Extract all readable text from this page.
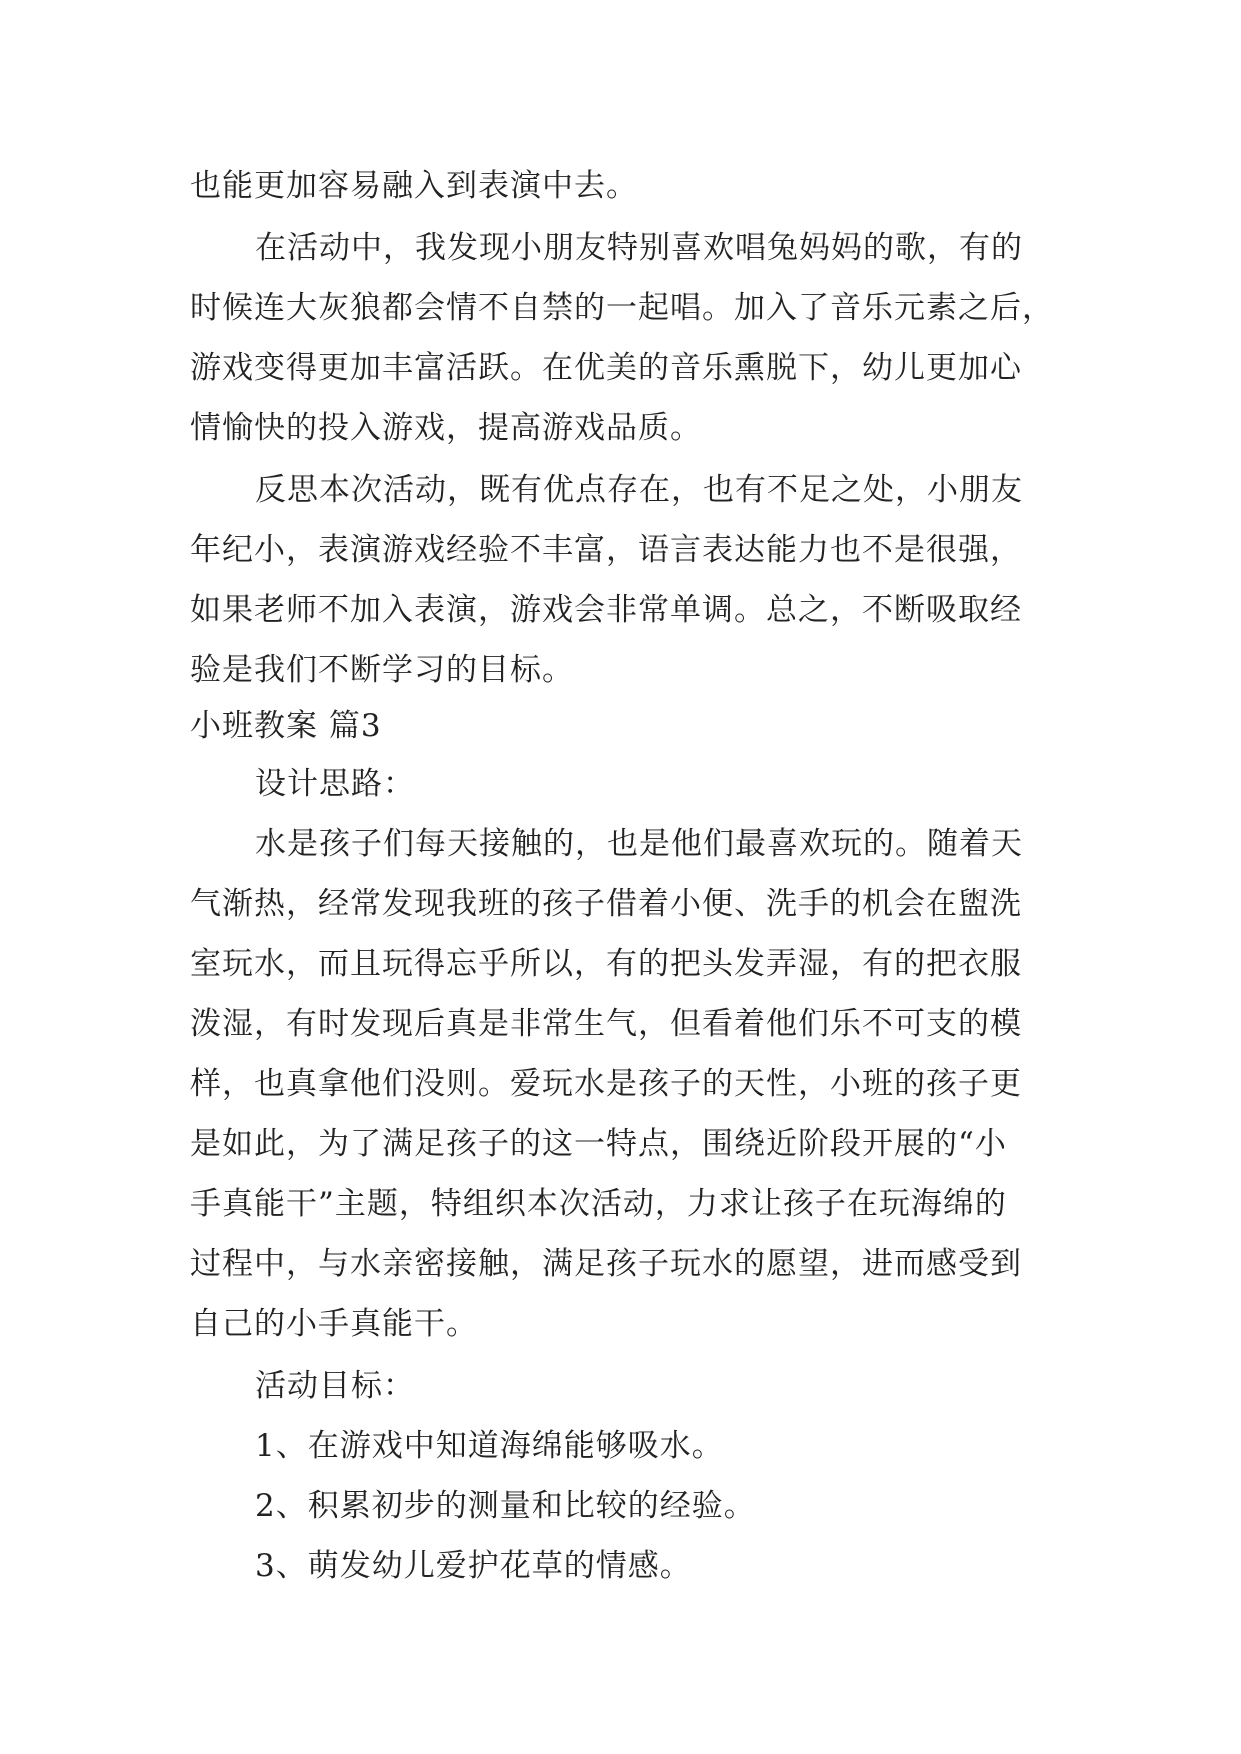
也能更加容易融入到表演中去。
在活动中，我发现小朋友特别喜欢唱兔妈妈的歌，有的
时候连大灰狼都会情不自禁的一起唱。加入了音乐元素之后，
游戏变得更加丰富活跃。在优美的音乐熏脱下，幼儿更加心
情愉快的投入游戏，提高游戏品质。
反思本次活动，既有优点存在，也有不足之处，小朋友
年纪小，表演游戏经验不丰富，语言表达能力也不是很强，
如果老师不加入表演，游戏会非常单调。总之，不断吸取经
验是我们不断学习的目标。
小班教案 篇3
设计思路：
水是孩子们每天接触的，也是他们最喜欢玩的。随着天
气渐热，经常发现我班的孩子借着小便、洗手的机会在盥洗
室玩水，而且玩得忘乎所以，有的把头发弄湿，有的把衣服
泼湿，有时发现后真是非常生气，但看着他们乐不可支的模
样，也真拿他们没则。爱玩水是孩子的天性，小班的孩子更
是如此，为了满足孩子的这一特点，围绕近阶段开展的“小
手真能干”主题，特组织本次活动，力求让孩子在玩海绵的
过程中，与水亲密接触，满足孩子玩水的愿望，进而感受到
自己的小手真能干。
活动目标：
1、在游戏中知道海绵能够吸水。
2、积累初步的测量和比较的经验。
3、萌发幼儿爱护花草的情感。
